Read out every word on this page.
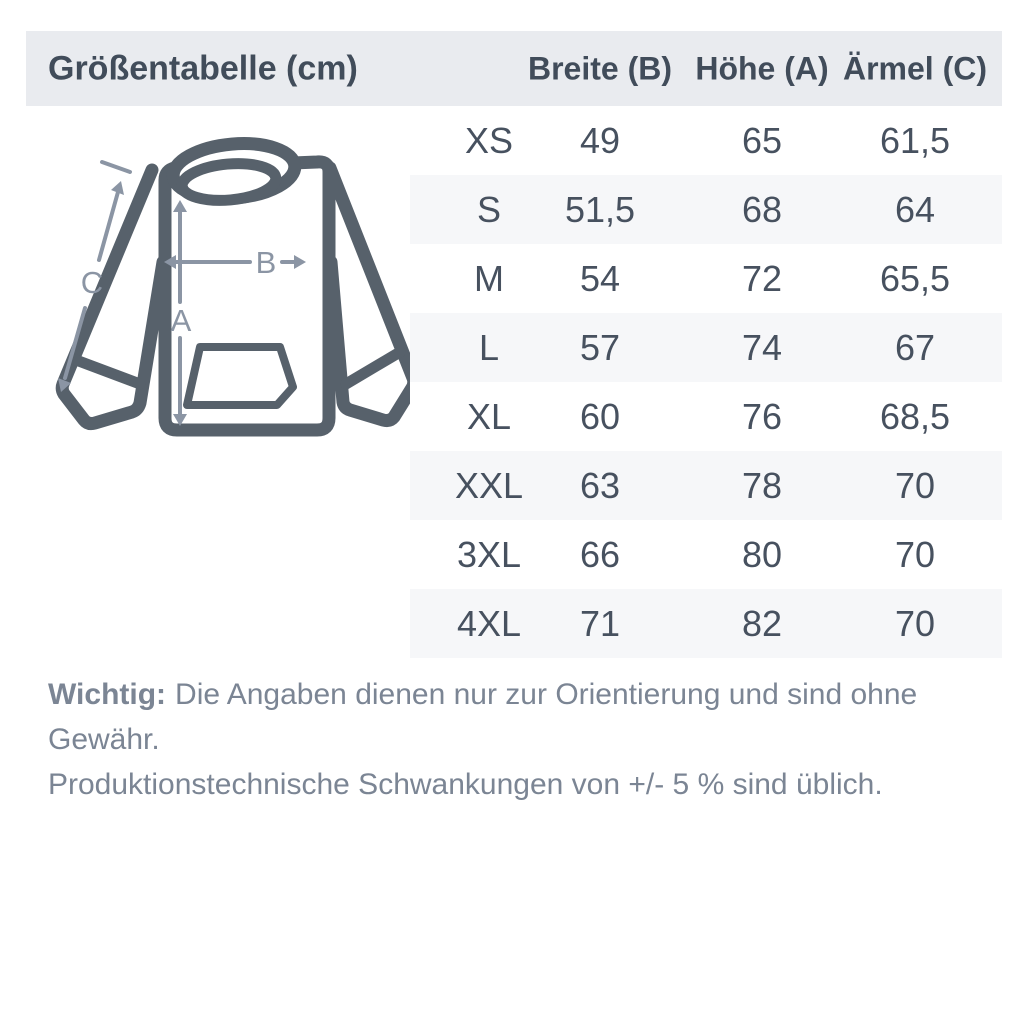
Größentabelle (cm)	Breite (B) Höhe (A) Ärmel (C)
A
B
C
XS 49	65	61,5
S 51,5	68	64
M 54	72	65,5
L 57	74	67
XL 60	76	68,5
XXL 63	78	70
3XL 66	80	70
4XL 71	82	70
Wichtig: Die Angaben dienen nur zur Orientierung und sind ohne Gewähr.
Produktionstechnische Schwankungen von +/- 5 % sind üblich.
